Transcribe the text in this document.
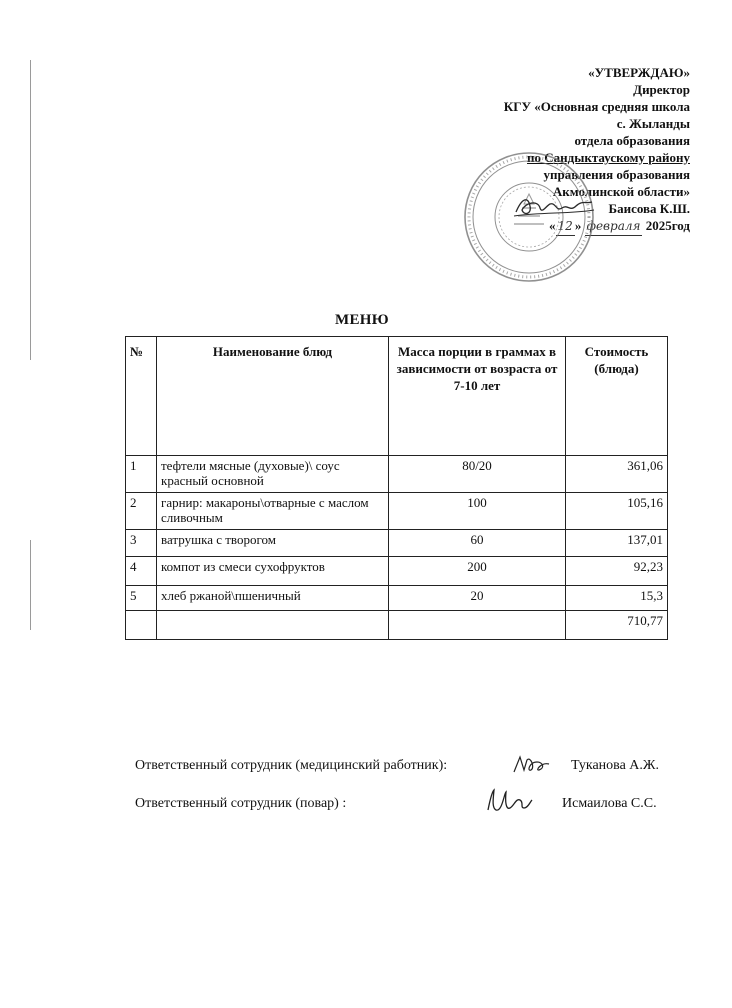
«УТВЕРЖДАЮ»
Директор
КГУ «Основная средняя школа
с. Жыланды
отдела образования
по Сандыктаускому району
управления образования
Акмолинской области»
Баисова К.Ш.
« 12 » февраля 2025год
МЕНЮ
№	Наименование блюд	Масса порции в граммах в зависимости от возраста от 7-10 лет	Стоимость (блюда)
1	тефтели мясные (духовые)\ соус красный основной	80/20	361,06
2	гарнир: макароны\отварные с маслом сливочным	100	105,16
3	ватрушка с творогом	60	137,01
4	компот из смеси сухофруктов	200	92,23
5	хлеб ржаной\пшеничный	20	15,3
			710,77
Ответственный сотрудник (медицинский работник):	Туканова А.Ж.
Ответственный сотрудник (повар) :	Исмаилова С.С.
